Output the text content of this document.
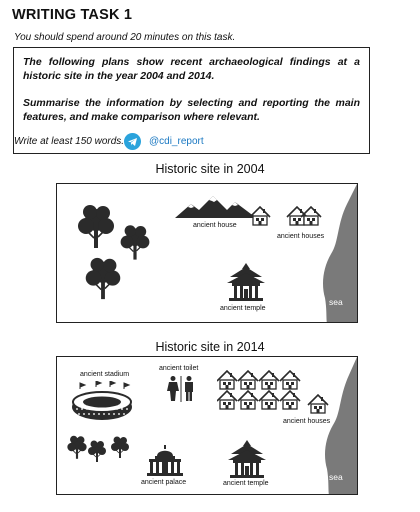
WRITING TASK 1
You should spend around 20 minutes on this task.

The following plans show recent archaeological findings at a historic site in the year 2004 and 2014.

Summarise the information by selecting and reporting the main features, and make comparison where relevant.

Write at least 150 words. @cdi_report
Historic site in 2004
sea
ancient house
ancient houses
ancient temple
Historic site in 2014
sea
ancient stadium
ancient toilet
ancient houses
ancient palace	ancient temple
